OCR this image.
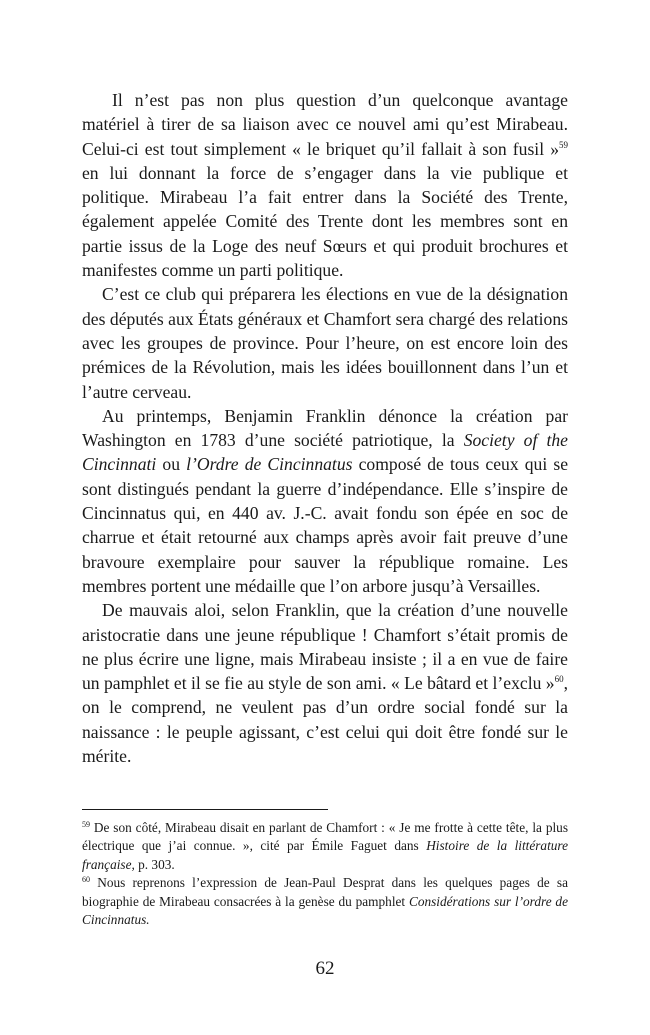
Il n’est pas non plus question d’un quelconque avantage matériel à tirer de sa liaison avec ce nouvel ami qu’est Mirabeau. Celui-ci est tout simplement « le briquet qu’il fallait à son fusil »$^{59}$ en lui donnant la force de s’engager dans la vie publique et politique. Mirabeau l’a fait entrer dans la Société des Trente, également appelée Comité des Trente dont les membres sont en partie issus de la Loge des neuf Sœurs et qui produit brochures et manifestes comme un parti politique.

C’est ce club qui préparera les élections en vue de la désignation des députés aux États généraux et Chamfort sera chargé des relations avec les groupes de province. Pour l’heure, on est encore loin des prémices de la Révolution, mais les idées bouillonnent dans l’un et l’autre cerveau.

Au printemps, Benjamin Franklin dénonce la création par Washington en 1783 d’une société patriotique, la Society of the Cincinnati ou l’Ordre de Cincinnatus composé de tous ceux qui se sont distingués pendant la guerre d’indépendance. Elle s’inspire de Cincinnatus qui, en 440 av. J.-C. avait fondu son épée en soc de charrue et était retourné aux champs après avoir fait preuve d’une bravoure exemplaire pour sauver la république romaine. Les membres portent une médaille que l’on arbore jusqu’à Versailles.

De mauvais aloi, selon Franklin, que la création d’une nouvelle aristocratie dans une jeune république ! Chamfort s’était promis de ne plus écrire une ligne, mais Mirabeau insiste ; il a en vue de faire un pamphlet et il se fie au style de son ami. « Le bâtard et l’exclu »$^{60}$, on le comprend, ne veulent pas d’un ordre social fondé sur la naissance : le peuple agissant, c’est celui qui doit être fondé sur le mérite.

$^{59}$ De son côté, Mirabeau disait en parlant de Chamfort : « Je me frotte à cette tête, la plus électrique que j’ai connue. », cité par Émile Faguet dans Histoire de la littérature française, p. 303.

$^{60}$ Nous reprenons l’expression de Jean-Paul Desprat dans les quelques pages de sa biographie de Mirabeau consacrées à la genèse du pamphlet Considérations sur l’ordre de Cincinnatus.

62
